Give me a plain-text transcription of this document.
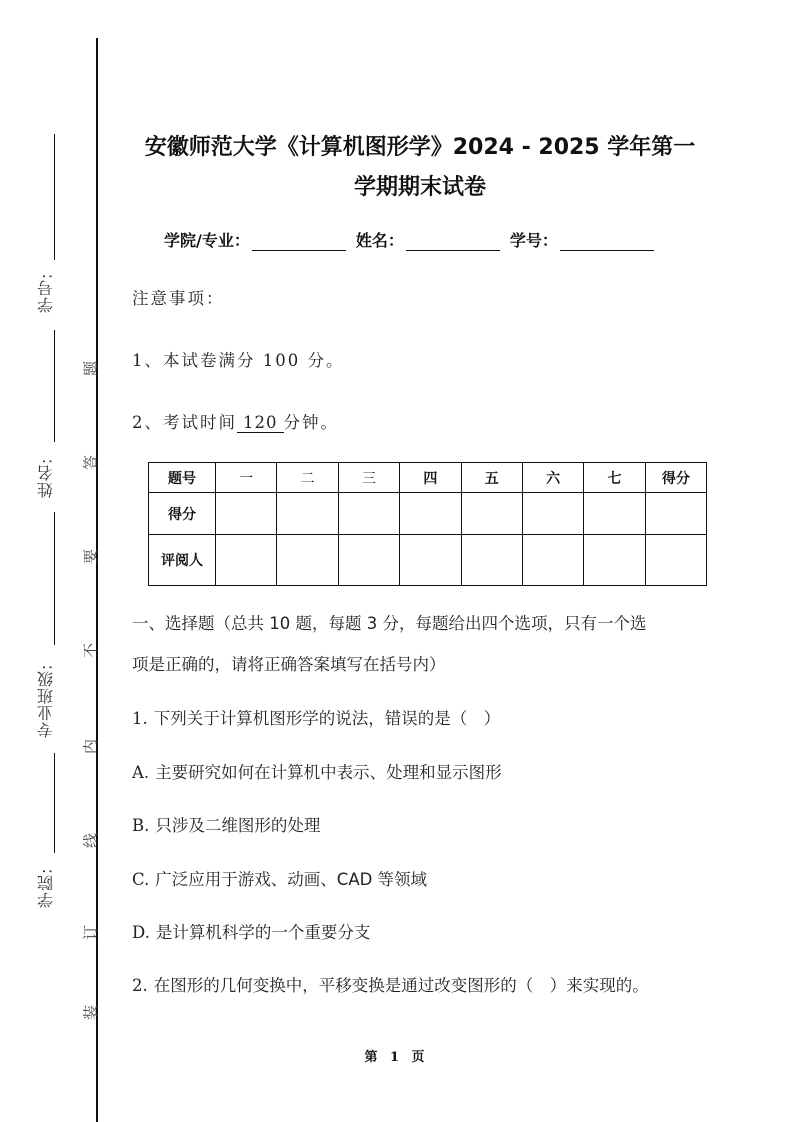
学号:
姓名:
专业班级:
学院:
题
答
要
不
内
线
订
装
安徽师范大学《计算机图形学》2024 - 2025 学年第一
学期期末试卷
学院/专业：	姓名：	学号：
注意事项：
1、本试卷满分 100 分。
2、考试时间 120 分钟。
题号	一	二	三	四	五	六	七	得分
得分								
评阅人								
一、选择题（总共 10 题，每题 3 分，每题给出四个选项，只有一个选
项是正确的，请将正确答案填写在括号内）
1. 下列关于计算机图形学的说法，错误的是（　）
A. 主要研究如何在计算机中表示、处理和显示图形
B. 只涉及二维图形的处理
C. 广泛应用于游戏、动画、CAD 等领域
D. 是计算机科学的一个重要分支
2. 在图形的几何变换中，平移变换是通过改变图形的（　）来实现的。
第 1 页
